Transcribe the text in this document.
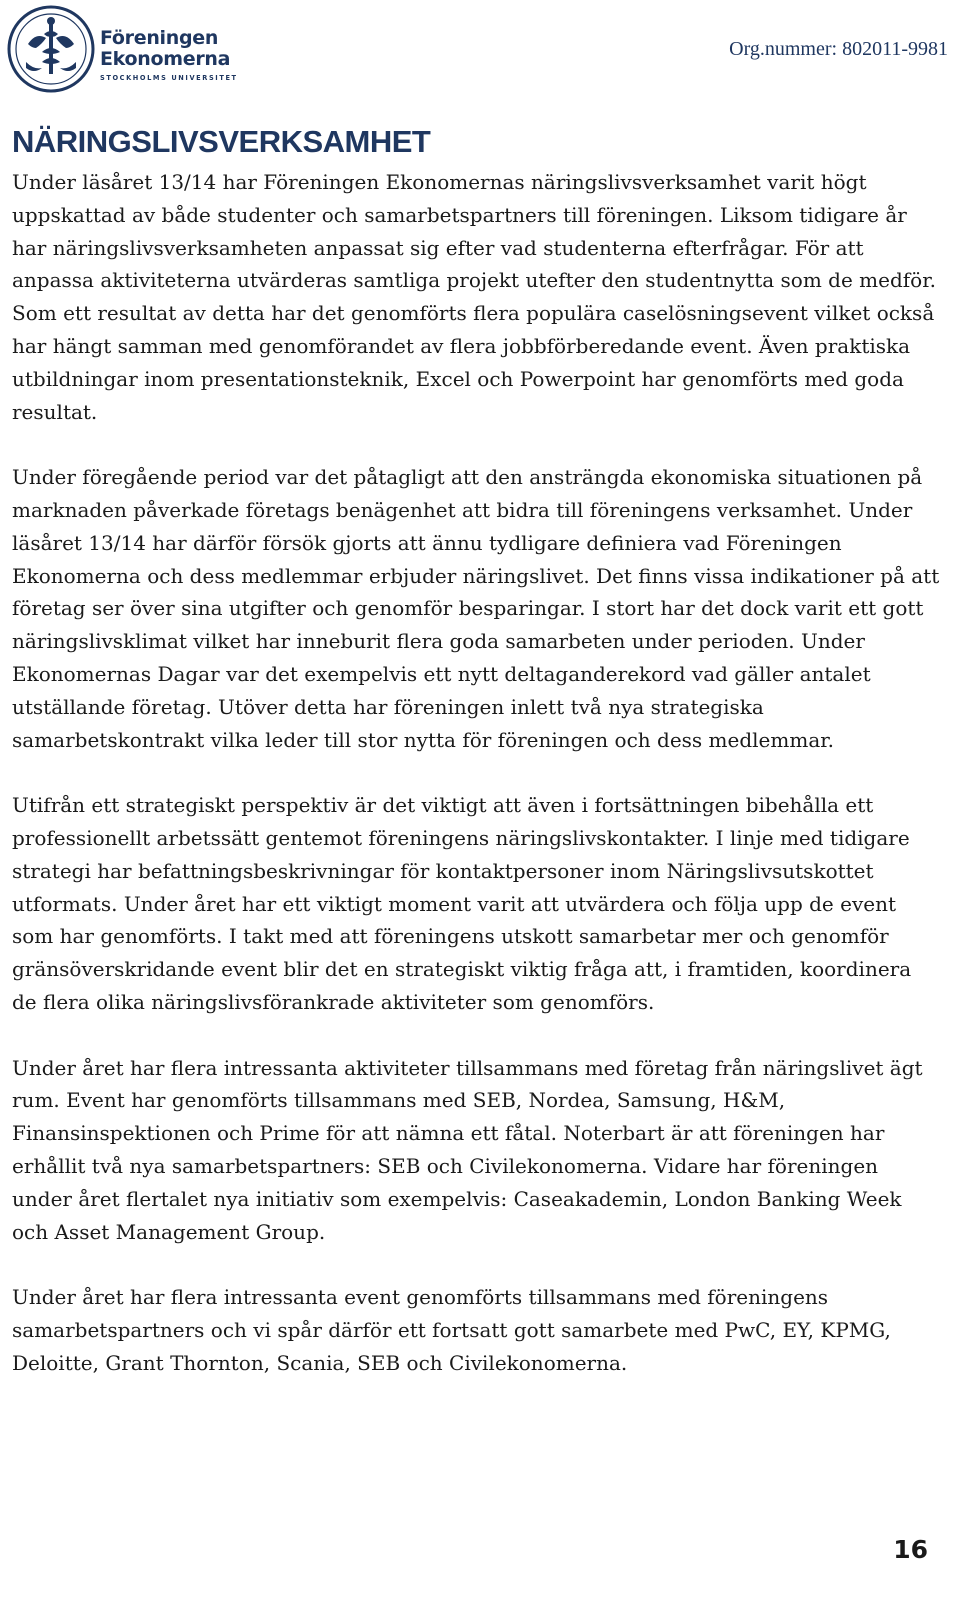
Föreningen
Ekonomerna
STOCKHOLMS UNIVERSITET
Org.nummer: 802011-9981
NÄRINGSLIVSVERKSAMHET

Under läsåret 13/14 har Föreningen Ekonomernas näringslivsverksamhet varit högt uppskattad av både studenter och samarbetspartners till föreningen. Liksom tidigare år har näringslivsverksamheten anpassat sig efter vad studenterna efterfrågar. För att anpassa aktiviteterna utvärderas samtliga projekt utefter den studentnytta som de medför. Som ett resultat av detta har det genomförts flera populära caselösningsevent vilket också har hängt samman med genomförandet av flera jobbförberedande event. Även praktiska utbildningar inom presentationsteknik, Excel och Powerpoint har genomförts med goda resultat.

Under föregående period var det påtagligt att den ansträngda ekonomiska situationen på marknaden påverkade företags benägenhet att bidra till föreningens verksamhet. Under läsåret 13/14 har därför försök gjorts att ännu tydligare definiera vad Föreningen Ekonomerna och dess medlemmar erbjuder näringslivet. Det finns vissa indikationer på att företag ser över sina utgifter och genomför besparingar. I stort har det dock varit ett gott näringslivsklimat vilket har inneburit flera goda samarbeten under perioden. Under Ekonomernas Dagar var det exempelvis ett nytt deltaganderekord vad gäller antalet utställande företag. Utöver detta har föreningen inlett två nya strategiska samarbetskontrakt vilka leder till stor nytta för föreningen och dess medlemmar.

Utifrån ett strategiskt perspektiv är det viktigt att även i fortsättningen bibehålla ett professionellt arbetssätt gentemot föreningens näringslivskontakter. I linje med tidigare strategi har befattningsbeskrivningar för kontaktpersoner inom Näringslivsutskottet utformats. Under året har ett viktigt moment varit att utvärdera och följa upp de event som har genomförts. I takt med att föreningens utskott samarbetar mer och genomför gränsöverskridande event blir det en strategiskt viktig fråga att, i framtiden, koordinera de flera olika näringslivsförankrade aktiviteter som genomförs.

Under året har flera intressanta aktiviteter tillsammans med företag från näringslivet ägt rum. Event har genomförts tillsammans med SEB, Nordea, Samsung, H&M, Finansinspektionen och Prime för att nämna ett fåtal. Noterbart är att föreningen har erhållit två nya samarbetspartners: SEB och Civilekonomerna. Vidare har föreningen under året flertalet nya initiativ som exempelvis: Caseakademin, London Banking Week och Asset Management Group.

Under året har flera intressanta event genomförts tillsammans med föreningens samarbetspartners och vi spår därför ett fortsatt gott samarbete med PwC, EY, KPMG, Deloitte, Grant Thornton, Scania, SEB och Civilekonomerna.

16
